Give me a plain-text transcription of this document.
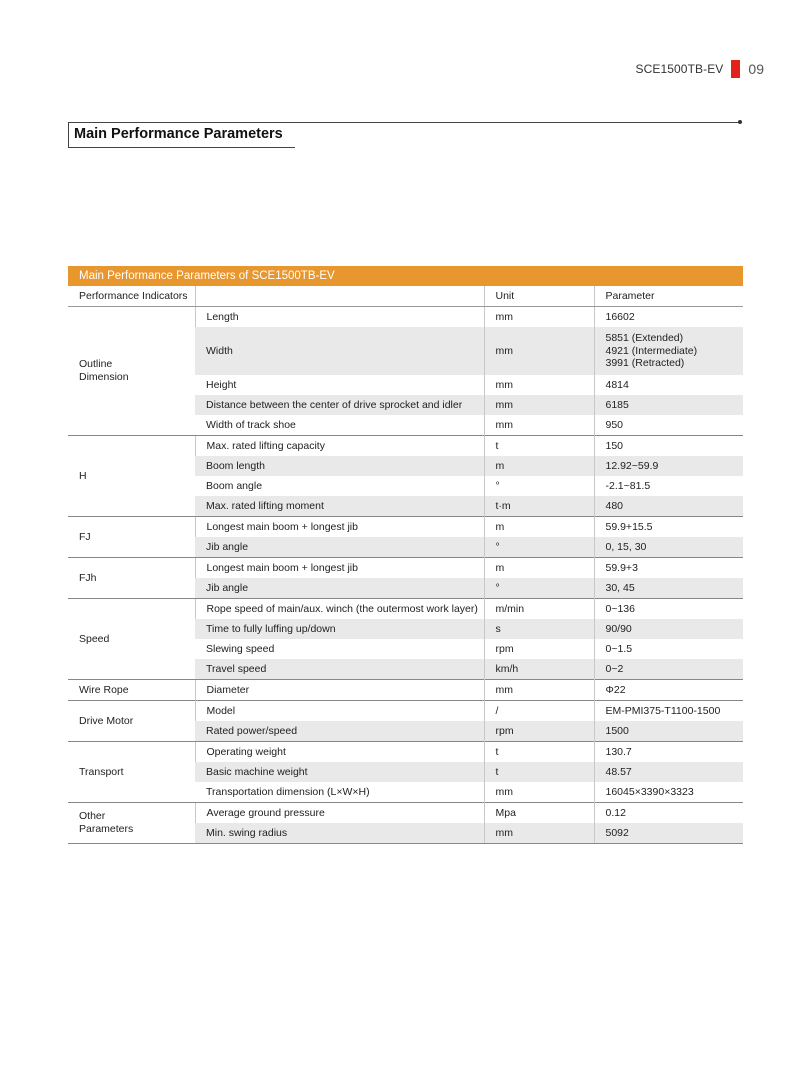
SCE1500TB-EV 09
Main Performance Parameters
Main Performance Parameters of SCE1500TB-EV
Performance Indicators		Unit	Parameter
Outline
Dimension	Length	mm	16602
	Width	mm	5851 (Extended)
4921 (Intermediate)
3991 (Retracted)
	Height	mm	4814
	Distance between the center of drive sprocket and idler	mm	6185
	Width of track shoe	mm	950
H	Max. rated lifting capacity	t	150
	Boom length	m	12.92~59.9
	Boom angle	°	-2.1~81.5
	Max. rated lifting moment	t·m	480
FJ	Longest main boom + longest jib	m	59.9+15.5
	Jib angle	°	0, 15, 30
FJh	Longest main boom + longest jib	m	59.9+3
	Jib angle	°	30, 45
Speed	Rope speed of main/aux. winch (the outermost work layer)	m/min	0~136
	Time to fully luffing up/down	s	90/90
	Slewing speed	rpm	0~1.5
	Travel speed	km/h	0~2
Wire Rope	Diameter	mm	Φ22
Drive Motor	Model	/	EM-PMI375-T1100-1500
	Rated power/speed	rpm	1500
Transport	Operating weight	t	130.7
	Basic machine weight	t	48.57
	Transportation dimension (L×W×H)	mm	16045×3390×3323
Other
Parameters	Average ground pressure	Mpa	0.12
	Min. swing radius	mm	5092
